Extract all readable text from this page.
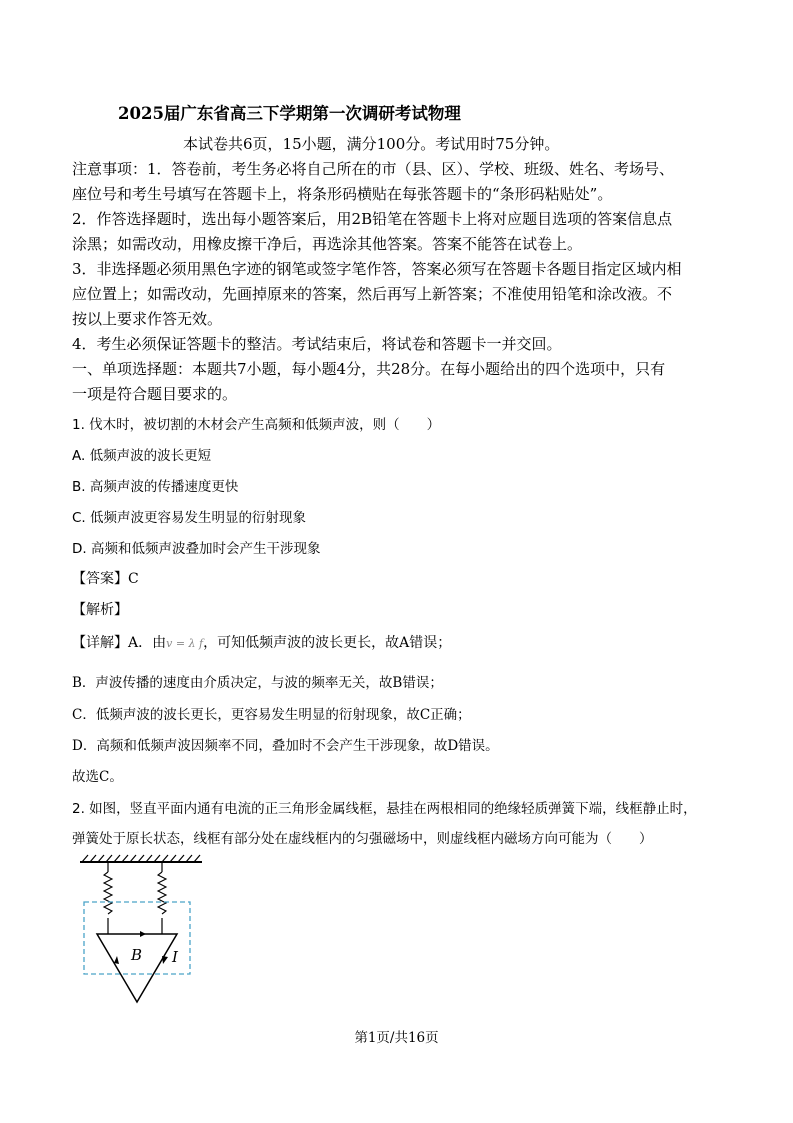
2025届广东省高三下学期第一次调研考试物理
本试卷共6页，15小题，满分100分。考试用时75分钟。
注意事项：1．答卷前，考生务必将自己所在的市（县、区）、学校、班级、姓名、考场号、
座位号和考生号填写在答题卡上，将条形码横贴在每张答题卡的“条形码粘贴处”。
2．作答选择题时，选出每小题答案后，用2B铅笔在答题卡上将对应题目选项的答案信息点
涂黑；如需改动，用橡皮擦干净后，再选涂其他答案。答案不能答在试卷上。
3．非选择题必须用黑色字迹的钢笔或签字笔作答，答案必须写在答题卡各题目指定区域内相
应位置上；如需改动，先画掉原来的答案，然后再写上新答案；不准使用铅笔和涂改液。不
按以上要求作答无效。
4．考生必须保证答题卡的整洁。考试结束后，将试卷和答题卡一并交回。
一、单项选择题：本题共7小题，每小题4分，共28分。在每小题给出的四个选项中，只有
一项是符合题目要求的。
1. 伐木时，被切割的木材会产生高频和低频声波，则（　　）
A. 低频声波的波长更短
B. 高频声波的传播速度更快
C. 低频声波更容易发生明显的衍射现象
D. 高频和低频声波叠加时会产生干涉现象
【答案】C
【解析】
【详解】A．由v = λ f，可知低频声波的波长更长，故A错误；
B．声波传播的速度由介质决定，与波的频率无关，故B错误；
C．低频声波的波长更长，更容易发生明显的衍射现象，故C正确；
D．高频和低频声波因频率不同，叠加时不会产生干涉现象，故D错误。
故选C。
2. 如图，竖直平面内通有电流的正三角形金属线框，悬挂在两根相同的绝缘轻质弹簧下端，线框静止时，
弹簧处于原长状态，线框有部分处在虚线框内的匀强磁场中，则虚线框内磁场方向可能为（　　）
B I
第1页/共16页
